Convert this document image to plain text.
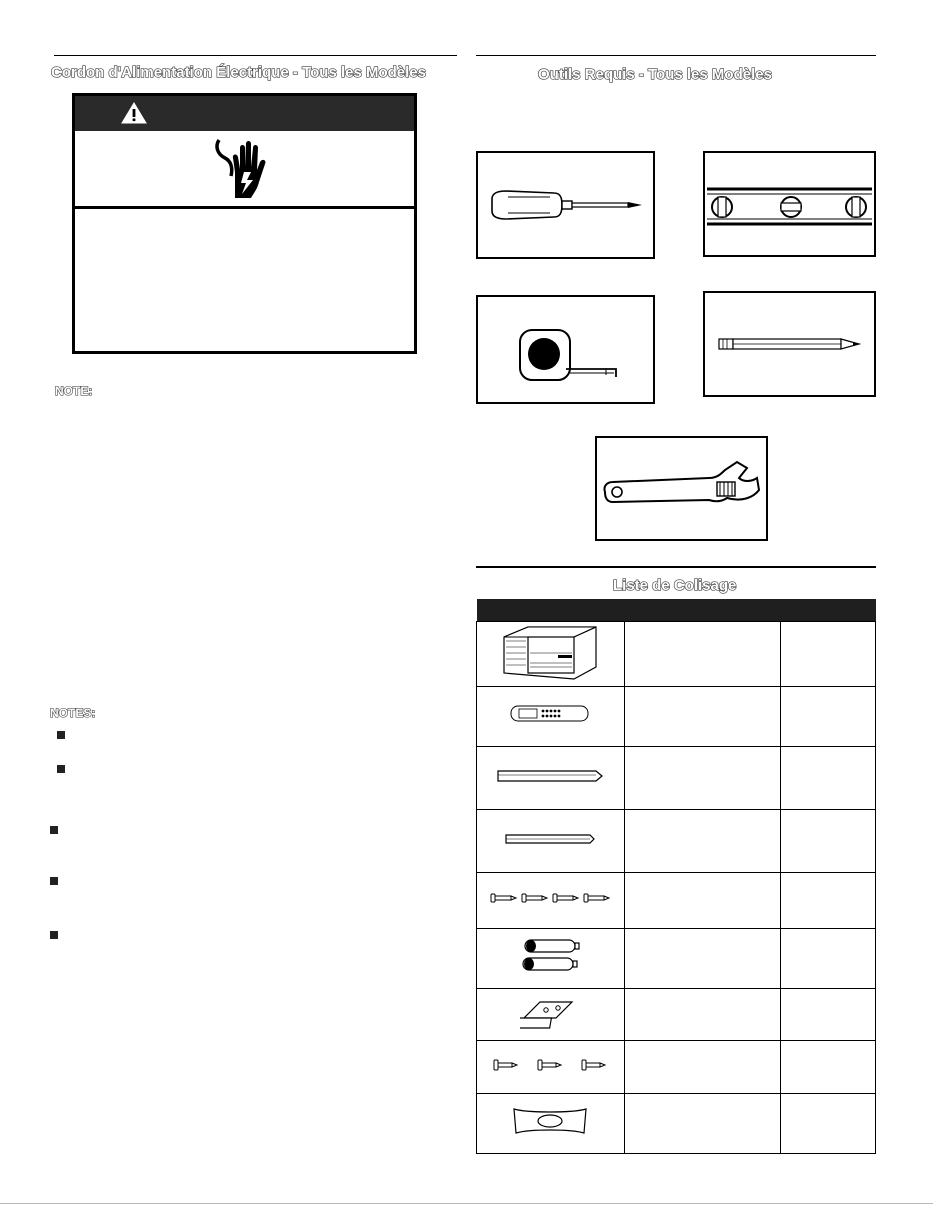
Cordon d'Alimentation Électrique - Tous les Modèles
NOTE:
NOTES:
Outils Requis - Tous les Modèles
Liste de Colisage
